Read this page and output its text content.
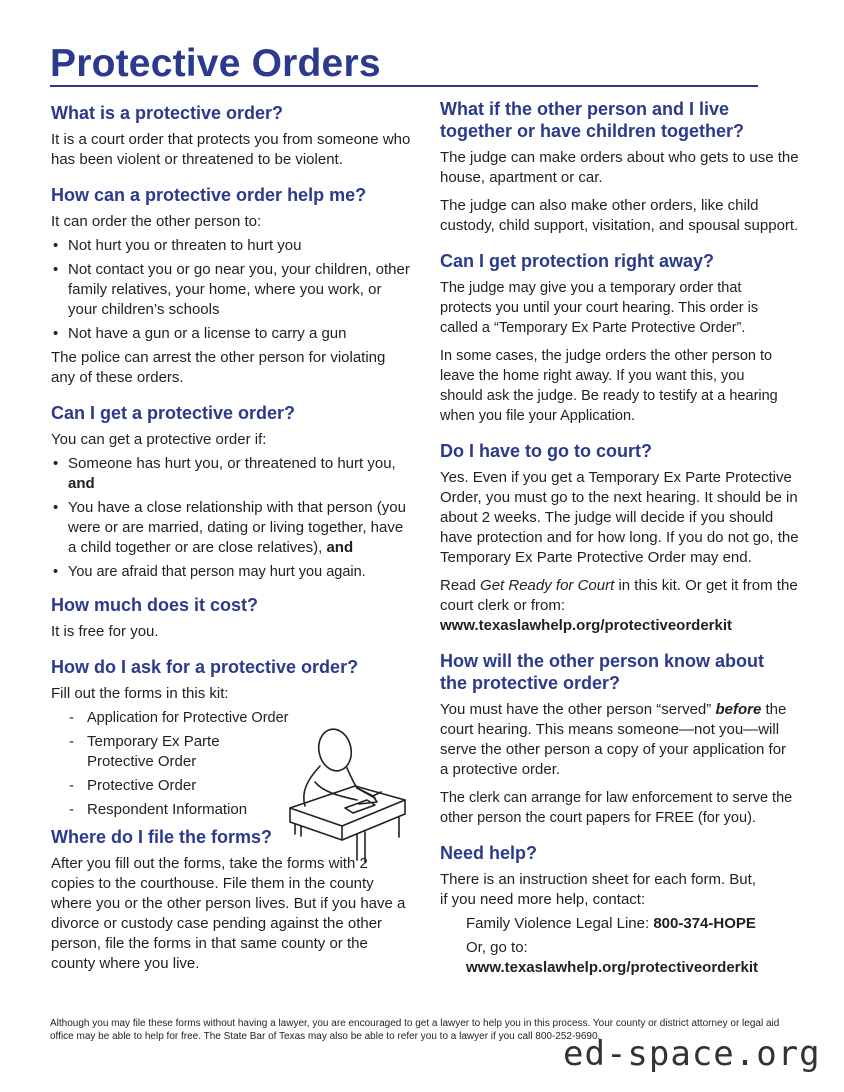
Protective Orders
What is a protective order?

It is a court order that protects you from someone who has been violent or threatened to be violent.

How can a protective order help me?

It can order the other person to:

• Not hurt you or threaten to hurt you
• Not contact you or go near you, your children, other family relatives, your home, where you work, or your children’s schools
• Not have a gun or a license to carry a gun

The police can arrest the other person for violating any of these orders.

Can I get a protective order?

You can get a protective order if:

• Someone has hurt you, or threatened to hurt you, and
• You have a close relationship with that person (you were or are married, dating or living together, have a child together or are close relatives), and
• You are afraid that person may hurt you again.
How much does it cost?

It is free for you.

How do I ask for a protective order?

Fill out the forms in this kit:

- Application for Protective Order
- Temporary Ex Parte Protective Order
- Protective Order
- Respondent Information
Where do I file the forms?

After you fill out the forms, take the forms with 2 copies to the courthouse. File them in the county where you or the other person lives. But if you have a divorce or custody case pending against the other person, file the forms in that same county or the county where you live.

What if the other person and I live together or have children together?

The judge can make orders about who gets to use the house, apartment or car.

The judge can also make other orders, like child custody, child support, visitation, and spousal support.

Can I get protection right away?

The judge may give you a temporary order that protects you until your court hearing. This order is called a “Temporary Ex Parte Protective Order”.

In some cases, the judge orders the other person to leave the home right away. If you want this, you should ask the judge. Be ready to testify at a hearing when you file your Application.

Do I have to go to court?

Yes. Even if you get a Temporary Ex Parte Protective Order, you must go to the next hearing. It should be in about 2 weeks. The judge will decide if you should have protection and for how long. If you do not go, the Temporary Ex Parte Protective Order may end.

Read Get Ready for Court in this kit. Or get it from the court clerk or from:

www.texaslawhelp.org/protectiveorderkit

How will the other person know about the protective order?

You must have the other person “served” before the court hearing. This means someone—not you—will serve the other person a copy of your application for a protective order.

The clerk can arrange for law enforcement to serve the other person the court papers for FREE (for you).

Need help?

There is an instruction sheet for each form. But, if you need more help, contact:

Family Violence Legal Line: 800-374-HOPE

Or, go to:

www.texaslawhelp.org/protectiveorderkit

Although you may file these forms without having a lawyer, you are encouraged to get a lawyer to help you in this process. Your county or district attorney or legal aid office may be able to help for free. The State Bar of Texas may also be able to refer you to a lawyer if you call 800-252-9690.
ed-space.org
